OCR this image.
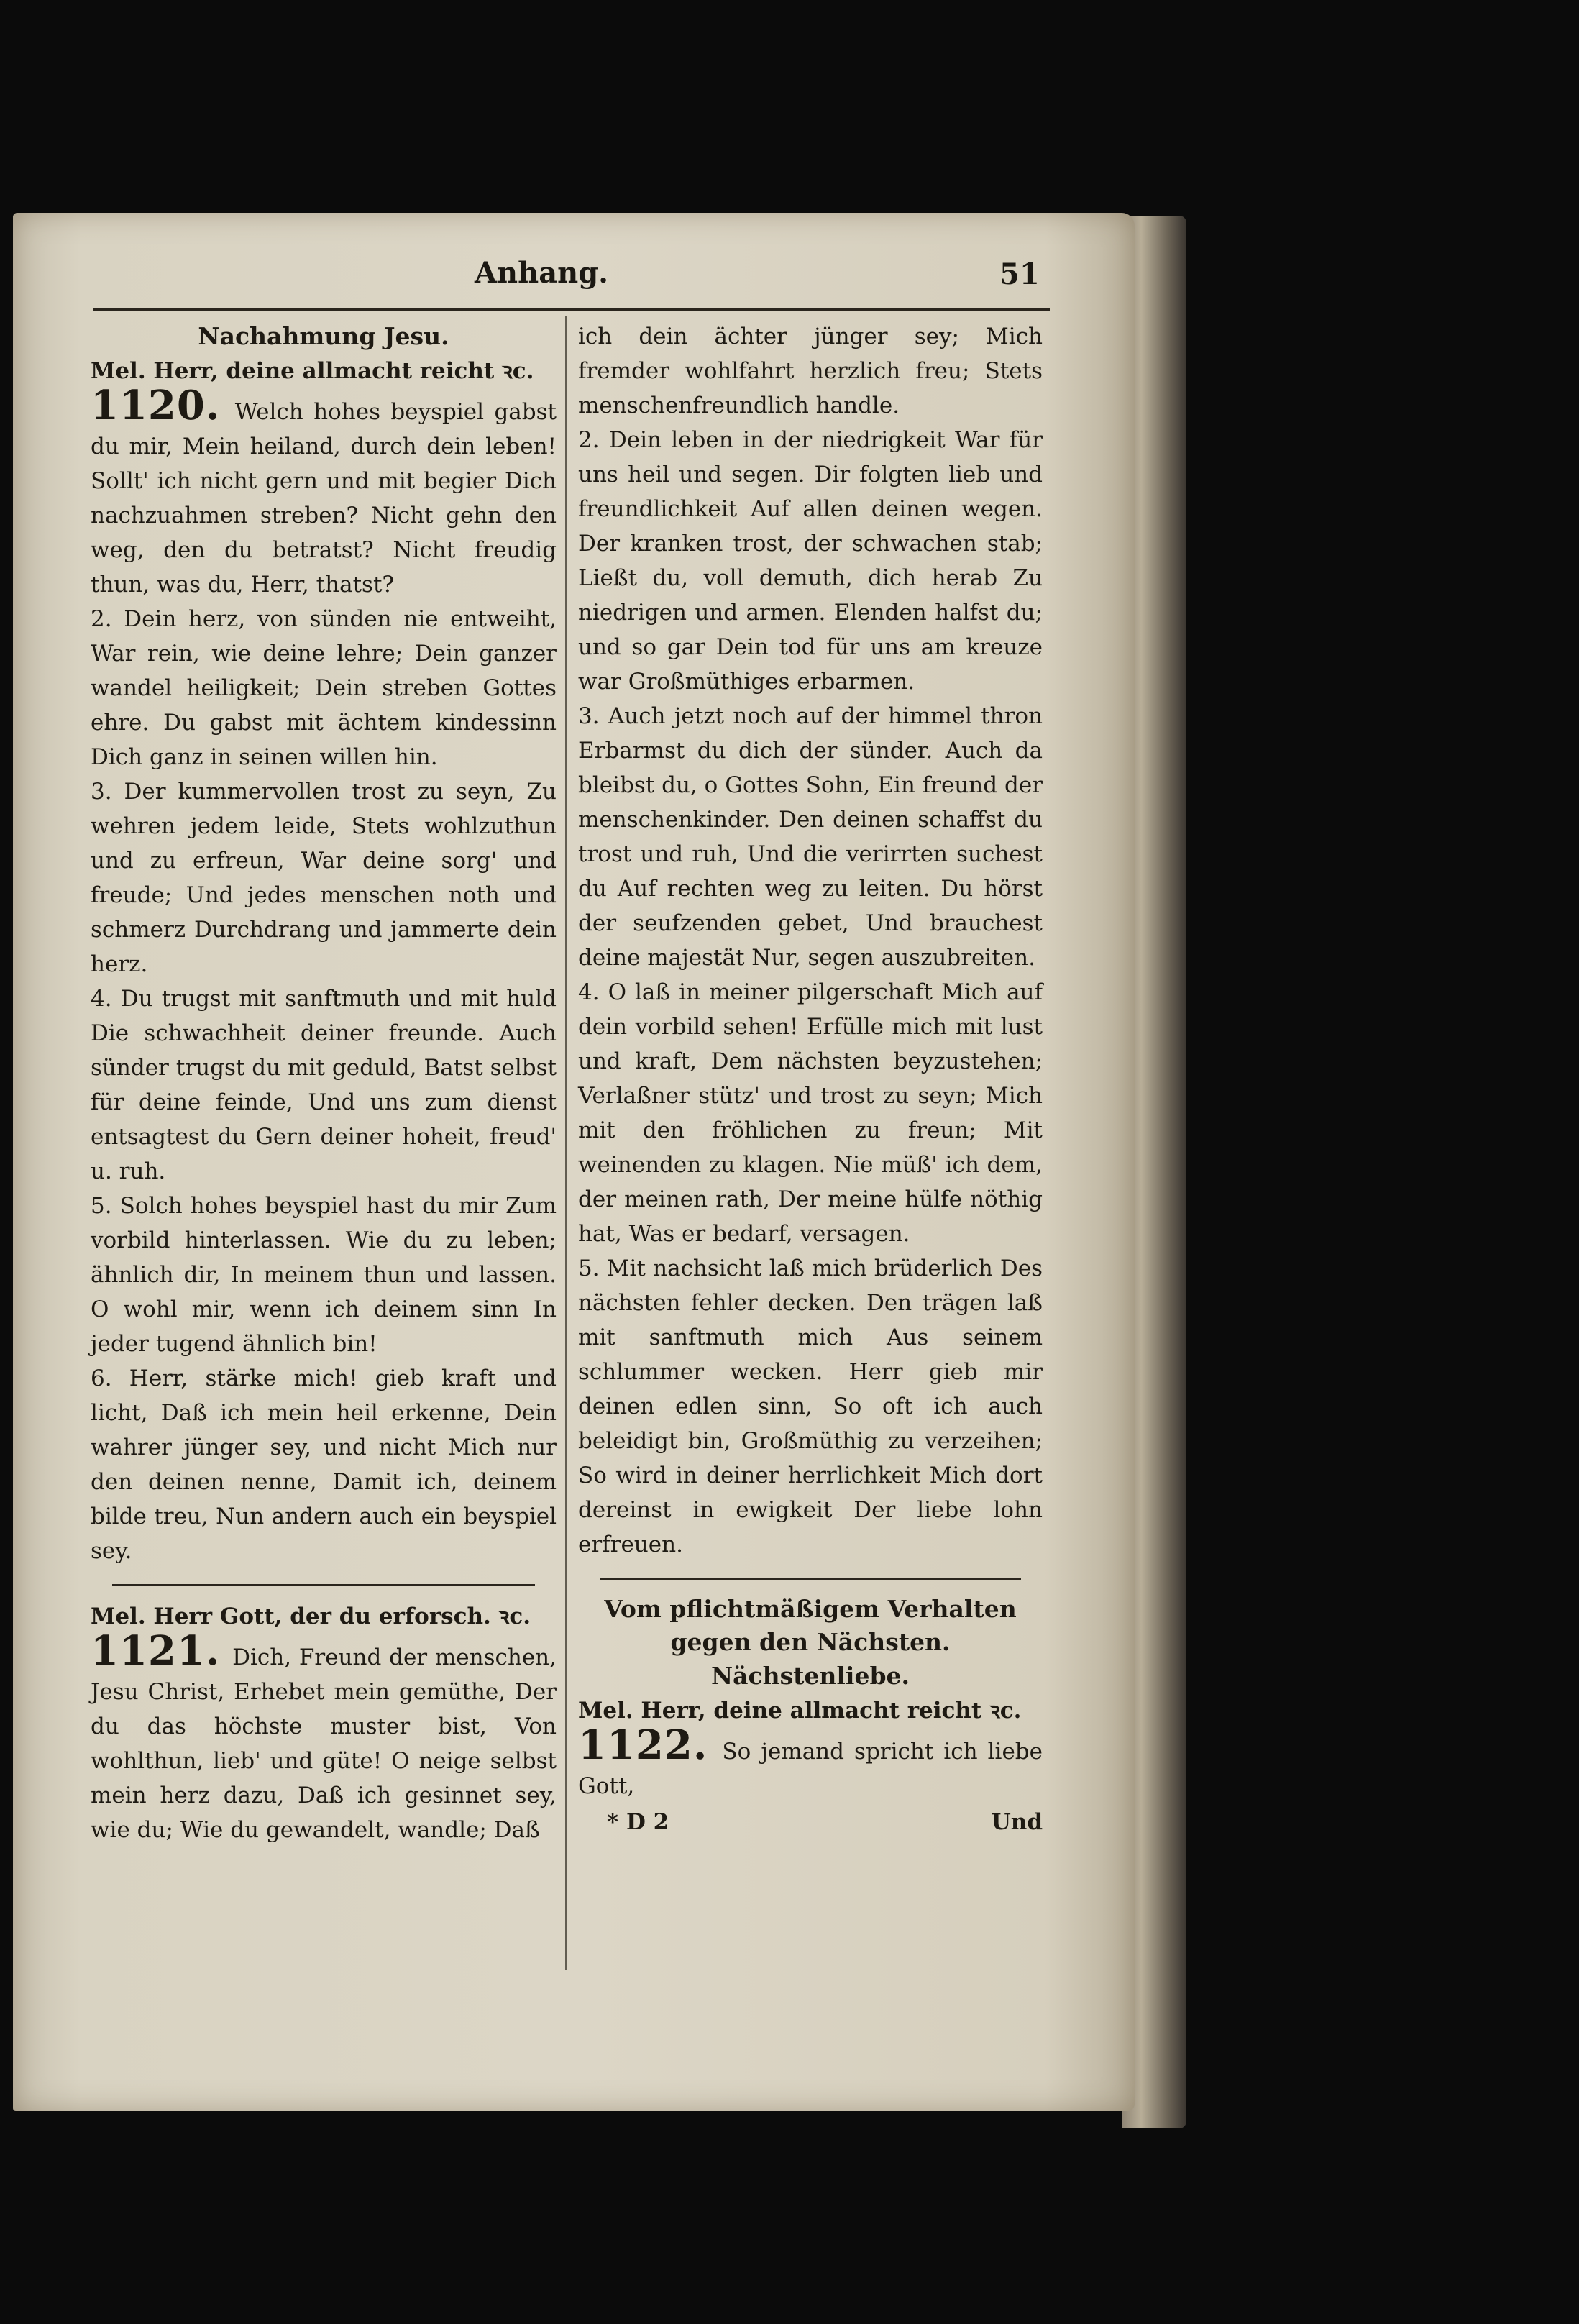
Anhang.	51

Nachahmung Jesu.

Mel. Herr, deine allmacht reicht ꝛc.

1120. Welch hohes beyspiel gabst du mir, Mein heiland, durch dein leben! Sollt' ich nicht gern und mit begier Dich nachzuahmen streben? Nicht gehn den weg, den du betratst? Nicht freudig thun, was du, Herr, thatst?

2. Dein herz, von sünden nie entweiht, War rein, wie deine lehre; Dein ganzer wandel heiligkeit; Dein streben Gottes ehre. Du gabst mit ächtem kindessinn Dich ganz in seinen willen hin.

3. Der kummervollen trost zu seyn, Zu wehren jedem leide, Stets wohlzuthun und zu erfreun, War deine sorg' und freude; Und jedes menschen noth und schmerz Durchdrang und jammerte dein herz.

4. Du trugst mit sanftmuth und mit huld Die schwachheit deiner freunde. Auch sünder trugst du mit geduld, Batst selbst für deine feinde, Und uns zum dienst entsagtest du Gern deiner hoheit, freud' u. ruh.

5. Solch hohes beyspiel hast du mir Zum vorbild hinterlassen. Wie du zu leben; ähnlich dir, In meinem thun und lassen. O wohl mir, wenn ich deinem sinn In jeder tugend ähnlich bin!

6. Herr, stärke mich! gieb kraft und licht, Daß ich mein heil erkenne, Dein wahrer jünger sey, und nicht Mich nur den deinen nenne, Damit ich, deinem bilde treu, Nun andern auch ein beyspiel sey.

Mel. Herr Gott, der du erforsch. ꝛc.

1121. Dich, Freund der menschen, Jesu Christ, Erhebet mein gemüthe, Der du das höchste muster bist, Von wohlthun, lieb' und güte! O neige selbst mein herz dazu, Daß ich gesinnet sey, wie du; Wie du gewandelt, wandle; Daß

ich dein ächter jünger sey; Mich fremder wohlfahrt herzlich freu; Stets menschenfreundlich handle.

2. Dein leben in der niedrigkeit War für uns heil und segen. Dir folgten lieb und freundlichkeit Auf allen deinen wegen. Der kranken trost, der schwachen stab; Ließt du, voll demuth, dich herab Zu niedrigen und armen. Elenden halfst du; und so gar Dein tod für uns am kreuze war Großmüthiges erbarmen.

3. Auch jetzt noch auf der himmel thron Erbarmst du dich der sünder. Auch da bleibst du, o Gottes Sohn, Ein freund der menschenkinder. Den deinen schaffst du trost und ruh, Und die verirrten suchest du Auf rechten weg zu leiten. Du hörst der seufzenden gebet, Und brauchest deine majestät Nur, segen auszubreiten.

4. O laß in meiner pilgerschaft Mich auf dein vorbild sehen! Erfülle mich mit lust und kraft, Dem nächsten beyzustehen; Verlaßner stütz' und trost zu seyn; Mich mit den fröhlichen zu freun; Mit weinenden zu klagen. Nie müß' ich dem, der meinen rath, Der meine hülfe nöthig hat, Was er bedarf, versagen.

5. Mit nachsicht laß mich brüderlich Des nächsten fehler decken. Den trägen laß mit sanftmuth mich Aus seinem schlummer wecken. Herr gieb mir deinen edlen sinn, So oft ich auch beleidigt bin, Großmüthig zu verzeihen; So wird in deiner herrlichkeit Mich dort dereinst in ewigkeit Der liebe lohn erfreuen.

Vom pflichtmäßigem Verhalten gegen den Nächsten.

Nächstenliebe.

Mel. Herr, deine allmacht reicht ꝛc.

1122. So jemand spricht ich liebe Gott,

* D 2	Und
